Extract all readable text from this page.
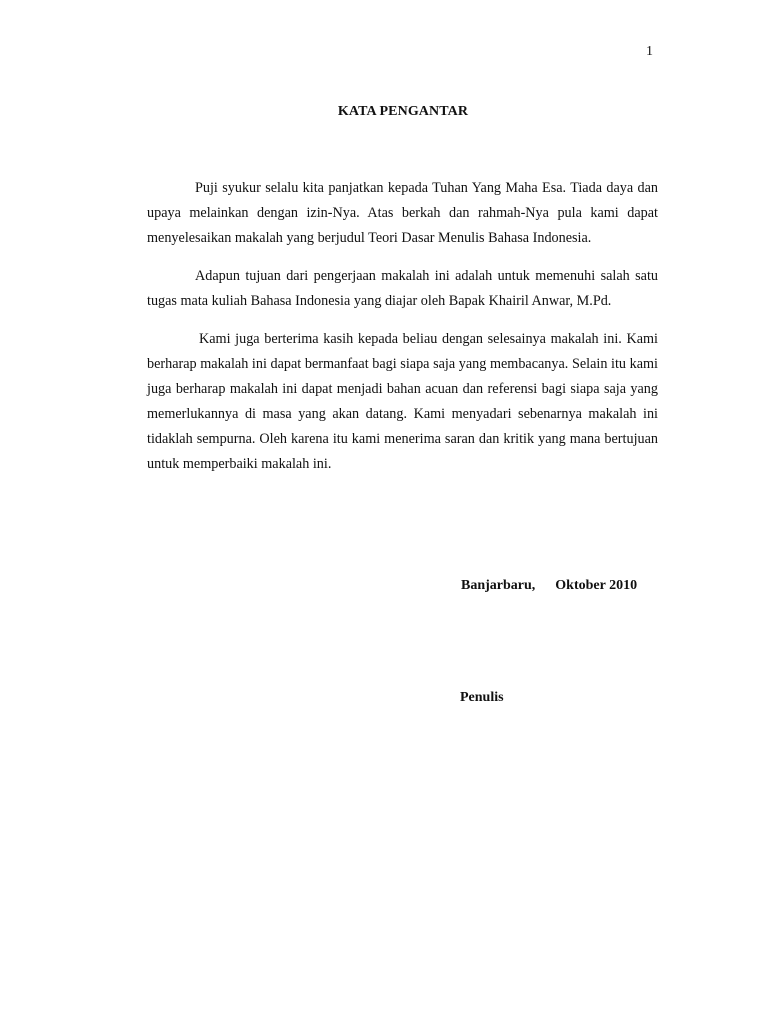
1
KATA PENGANTAR

Puji syukur selalu kita panjatkan kepada Tuhan Yang Maha Esa. Tiada daya dan upaya melainkan dengan izin-Nya. Atas berkah dan rahmah-Nya pula kami dapat menyelesaikan makalah yang berjudul Teori Dasar Menulis Bahasa Indonesia.

Adapun tujuan dari pengerjaan makalah ini adalah untuk memenuhi salah satu tugas mata kuliah Bahasa Indonesia yang diajar oleh Bapak Khairil Anwar, M.Pd.

Kami juga berterima kasih kepada beliau dengan selesainya makalah ini. Kami berharap makalah ini dapat bermanfaat bagi siapa saja yang membacanya. Selain itu kami juga berharap makalah ini dapat menjadi bahan acuan dan referensi bagi siapa saja yang memerlukannya di masa yang akan datang. Kami menyadari sebenarnya makalah ini tidaklah sempurna. Oleh karena itu kami menerima saran dan kritik yang mana bertujuan untuk memperbaiki makalah ini.

Banjarbaru, Oktober 2010
Penulis
